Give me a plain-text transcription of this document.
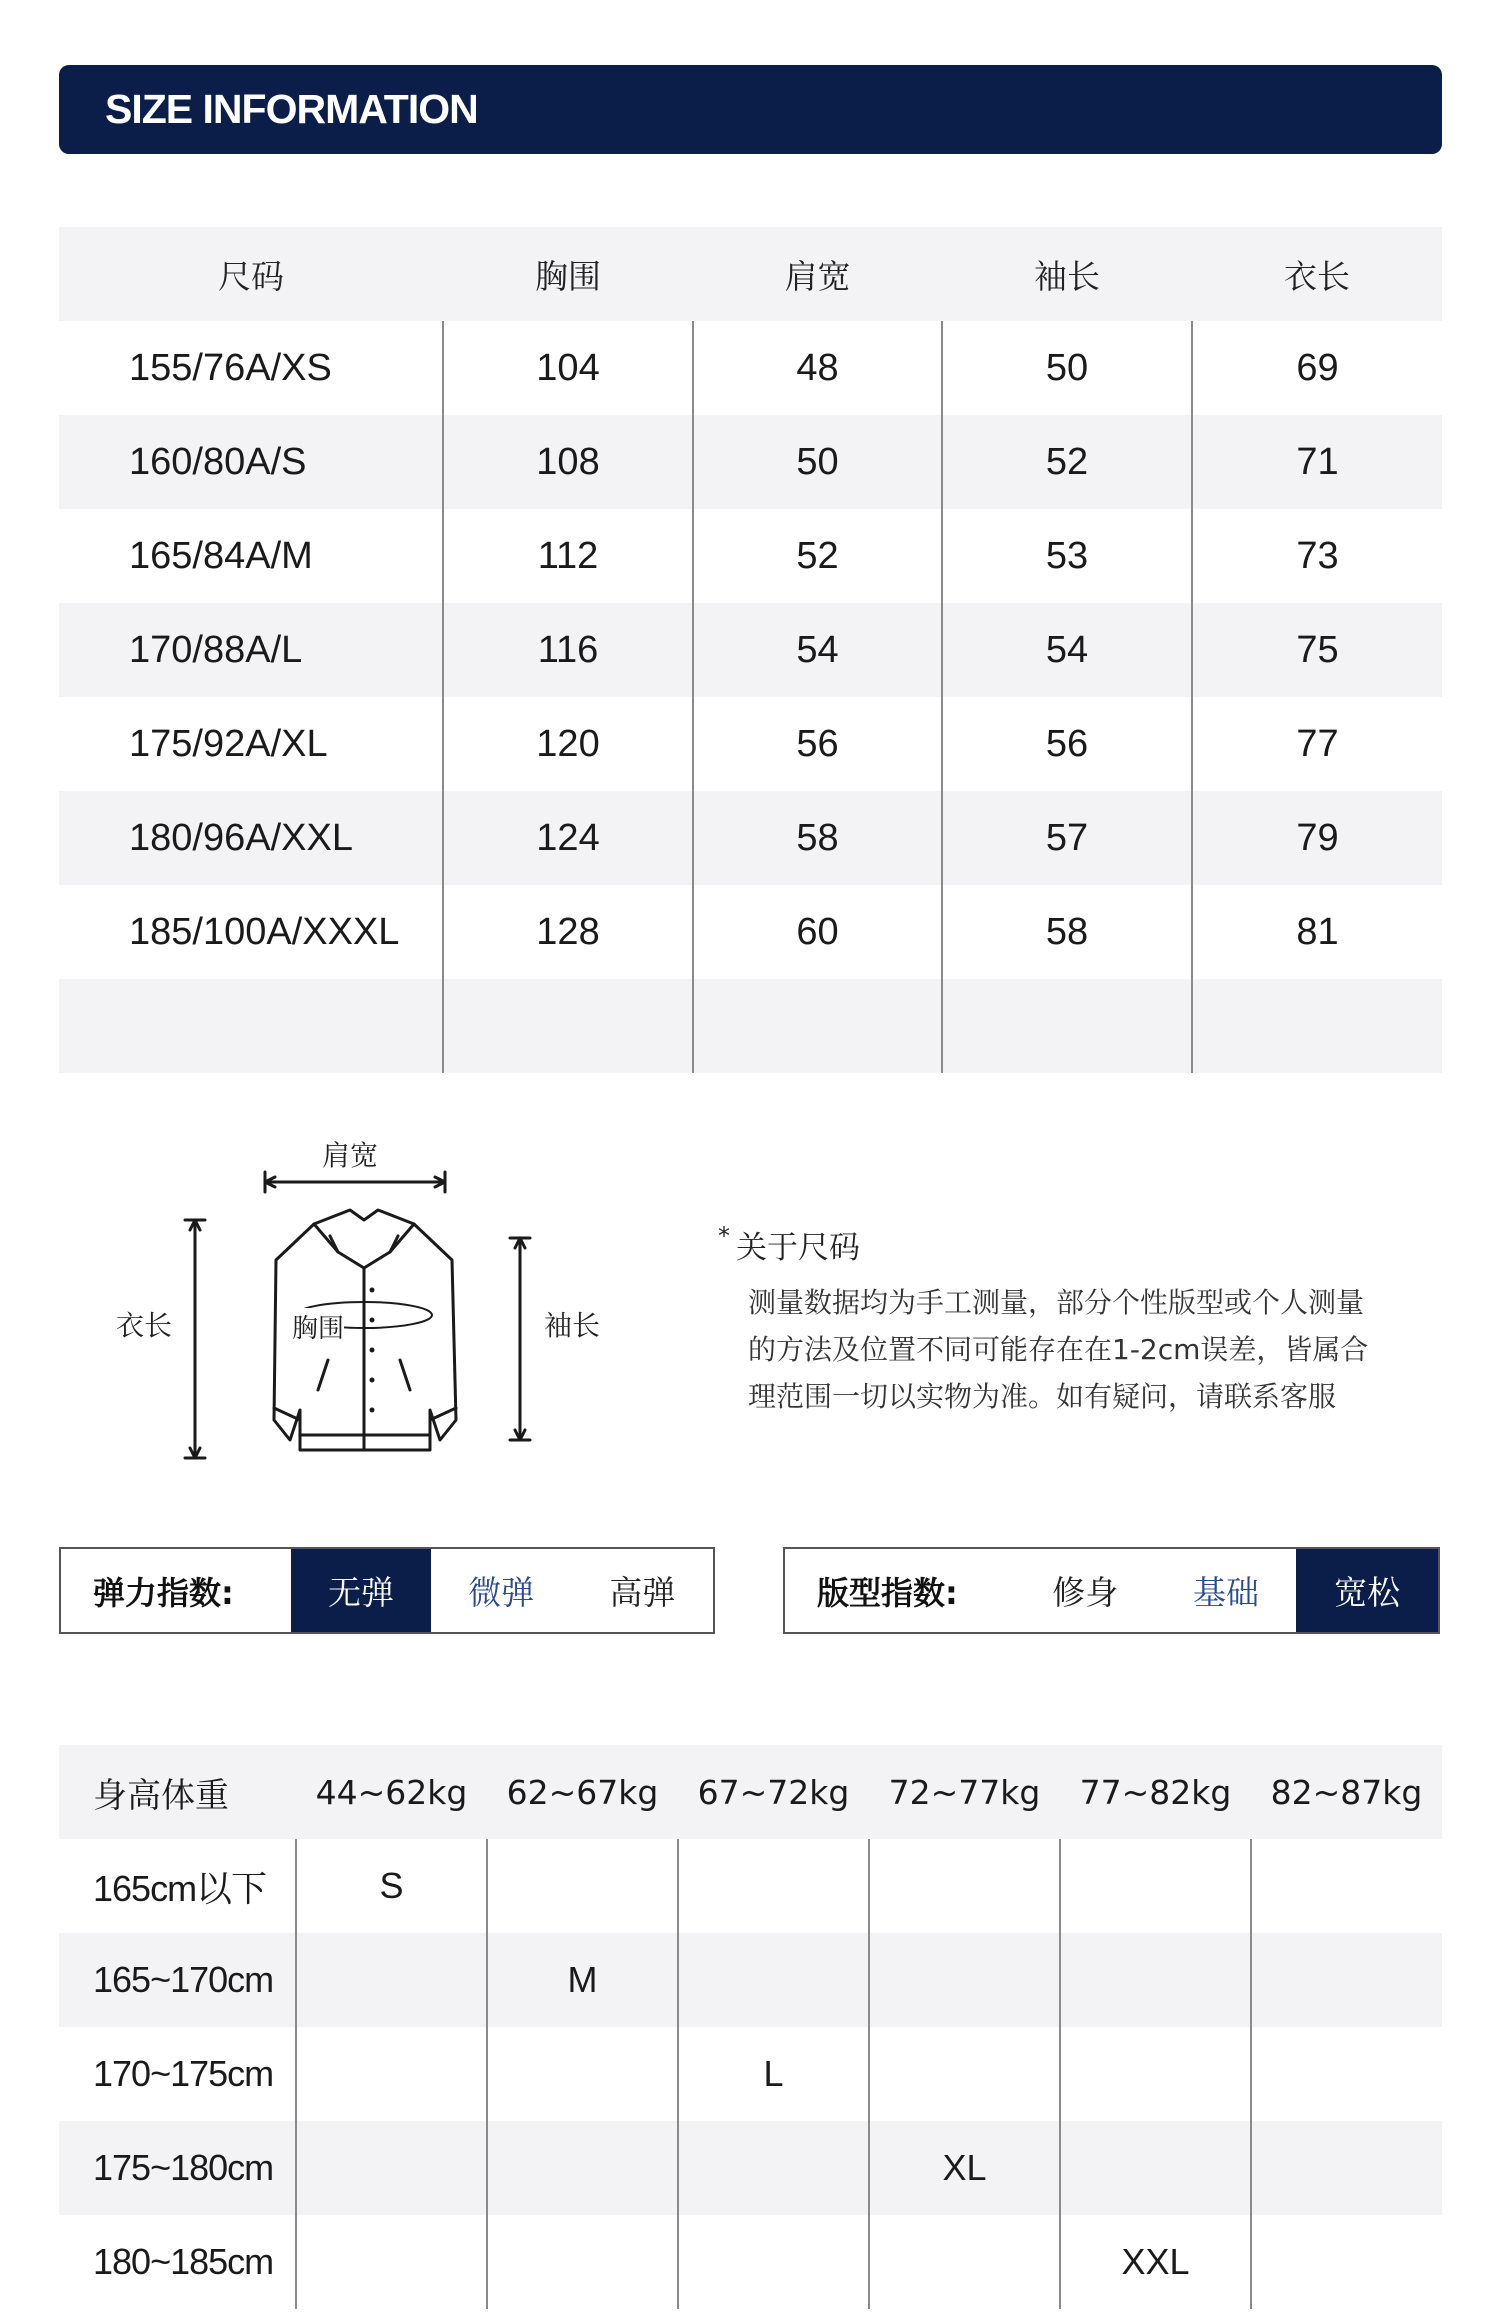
SIZE INFORMATION
尺码	胸围	肩宽	袖长	衣长
155/76A/XS	104	48	50	69
160/80A/S	108	50	52	71
165/84A/M	112	52	53	73
170/88A/L	116	54	54	75
175/92A/XL	120	56	56	77
180/96A/XXL	124	58	57	79
185/100A/XXXL	128	60	58	81

肩宽
衣长	胸围	袖长
* 关于尺码
测量数据均为手工测量，部分个性版型或个人测量
的方法及位置不同可能存在在1-2cm误差，皆属合
理范围一切以实物为准。如有疑问，请联系客服
弹力指数:	无弹	微弹	高弹	版型指数:	修身	基础	宽松
身高体重	44~62kg	62~67kg	67~72kg	72~77kg	77~82kg	82~87kg
165cm以下	S					
165~170cm		M				
170~175cm			L			
175~180cm				XL		
180~185cm					XXL	
